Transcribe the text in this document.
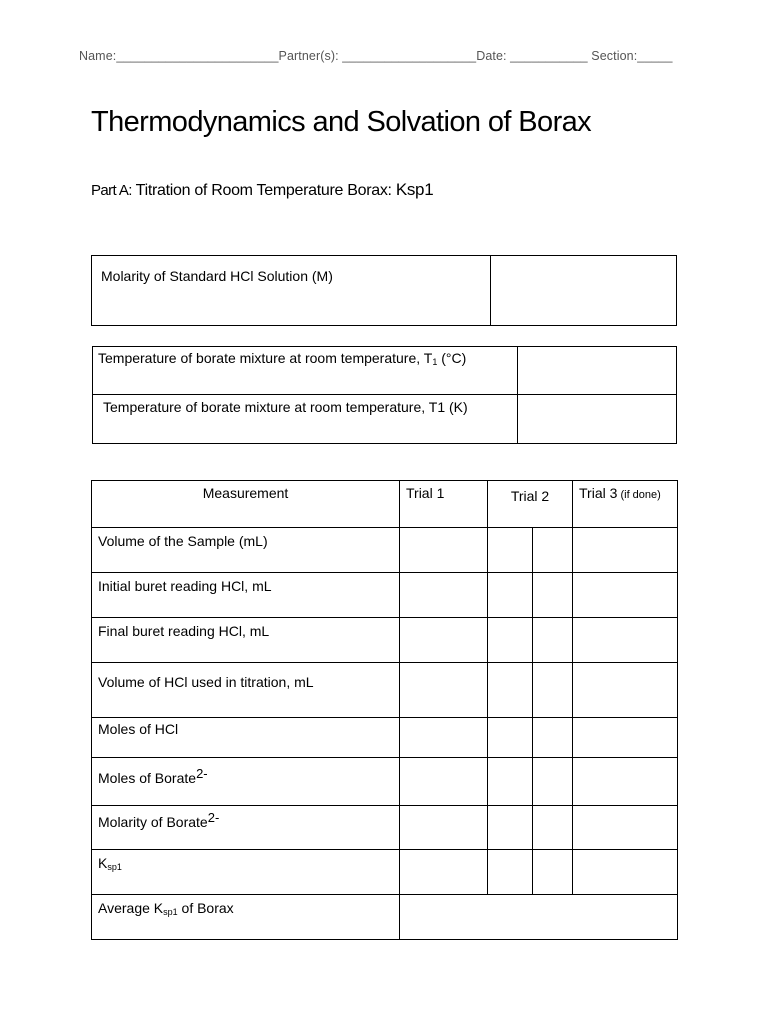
Name:_______________________Partner(s): ___________________Date: ___________ Section:_____
Thermodynamics and Solvation of Borax
Part A: Titration of Room Temperature Borax: Ksp1
Molarity of Standard HCl Solution (M)	
Temperature of borate mixture at room temperature, $T_1$ (°C)	
Temperature of borate mixture at room temperature, T1 (K)	
Measurement	Trial 1		Trial 2		Trial 3 (if done)
Volume of the Sample (mL)					
Initial buret reading HCl, mL					
Final buret reading HCl, mL					
Volume of HCl used in titration, mL					
Moles of HCl					
Moles of Borate2-					
Molarity of Borate2-					
$K_{sp1}$					
Average $K_{sp1}$ of Borax					
